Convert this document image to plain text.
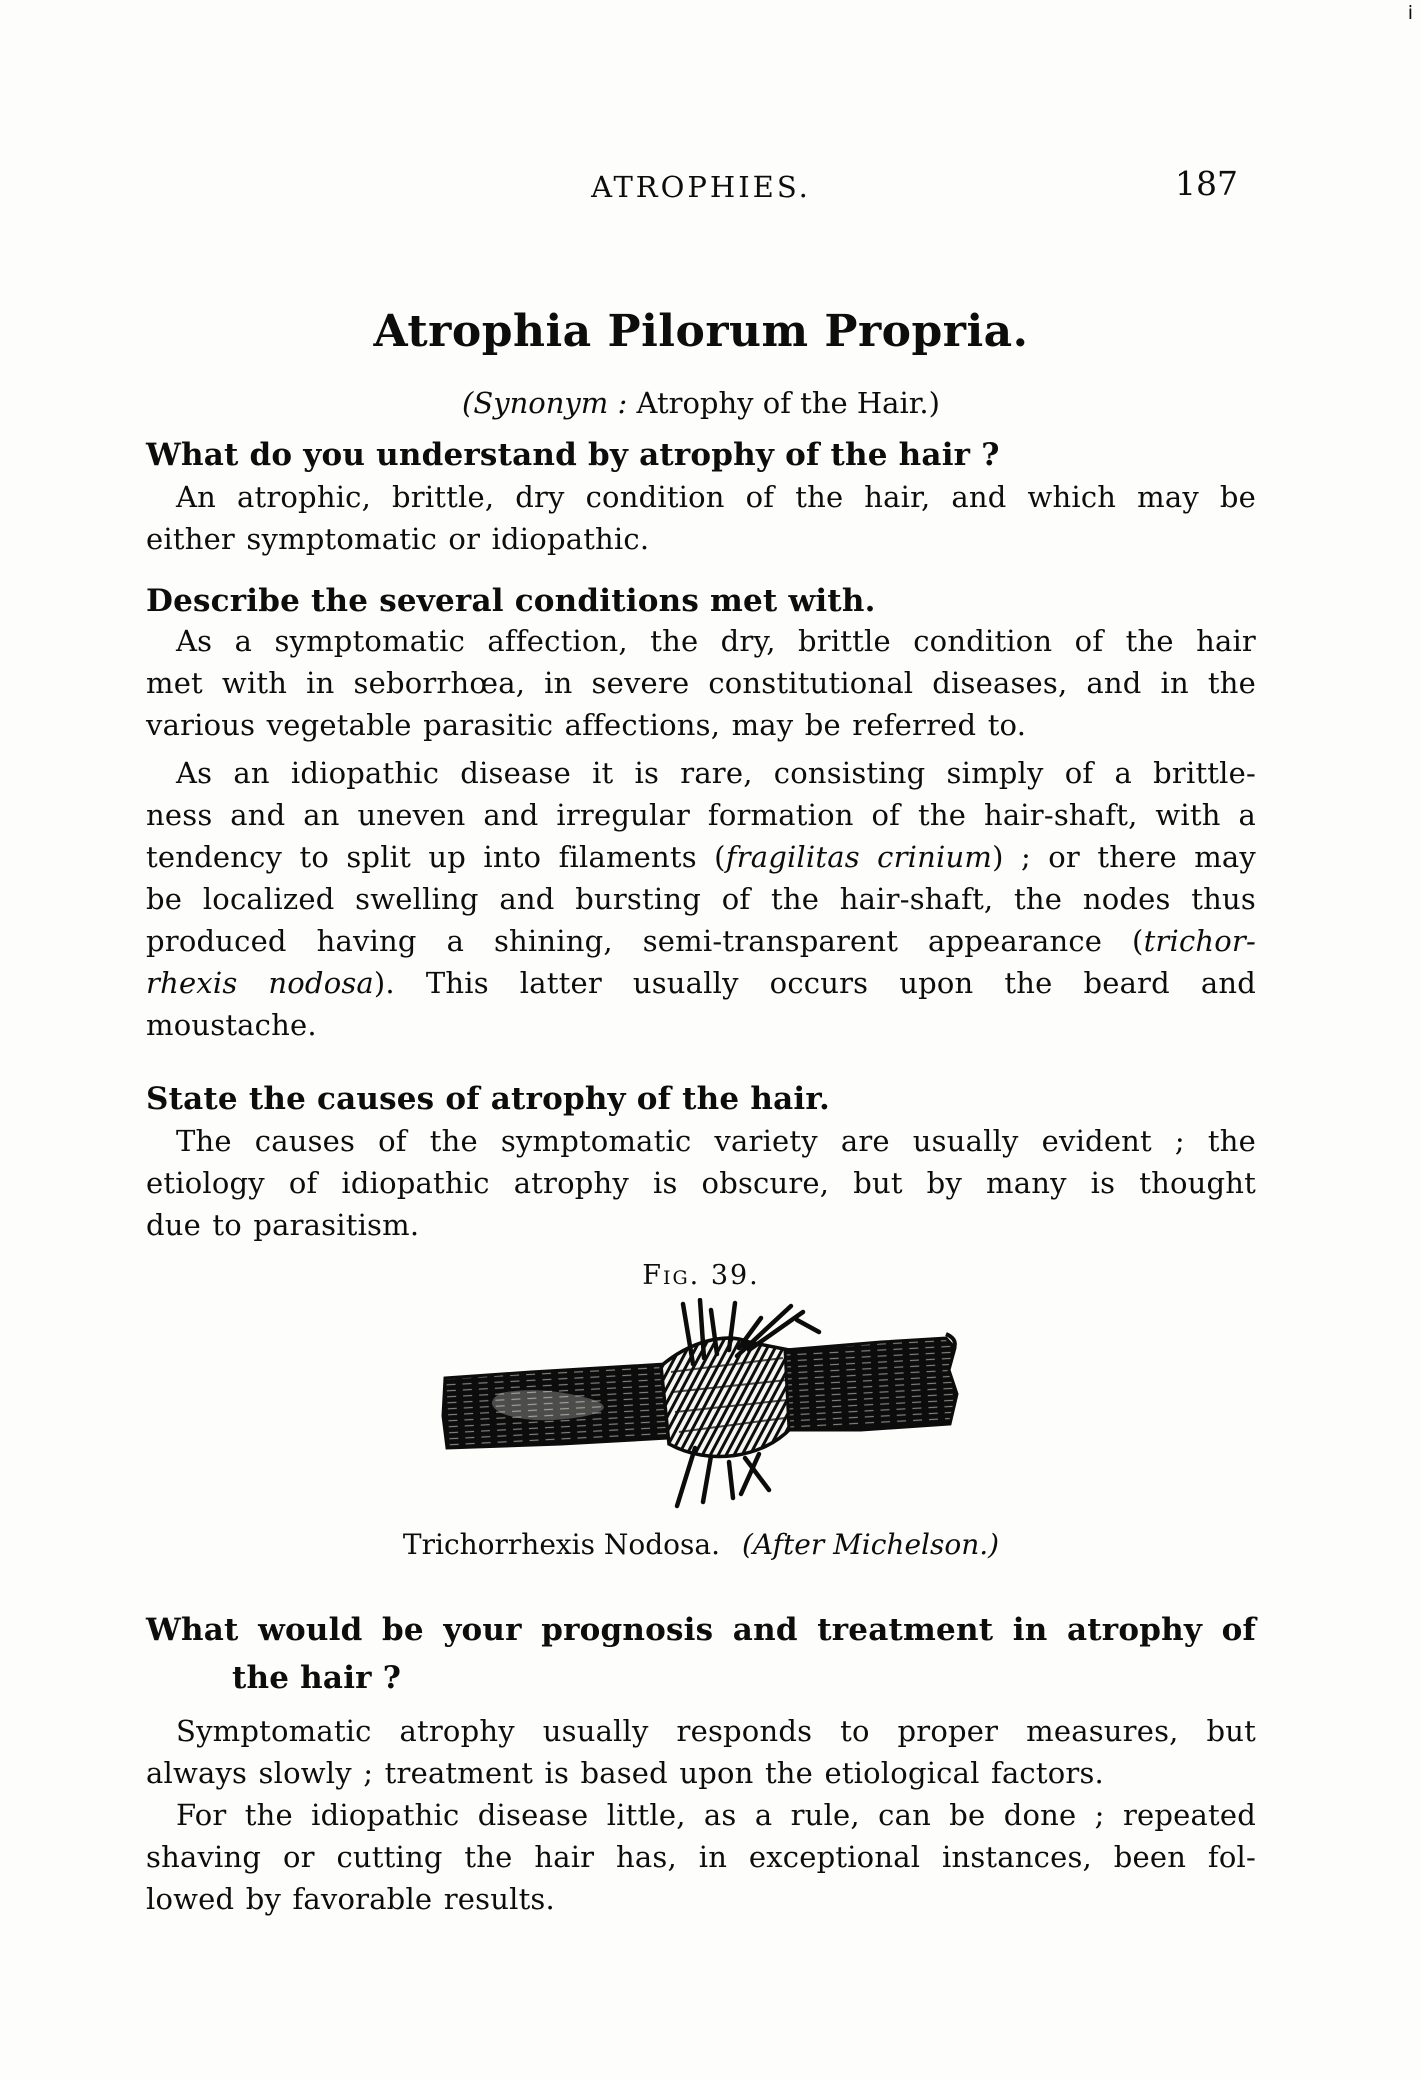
i
ATROPHIES.	187
Atrophia Pilorum Propria.
(Synonym : Atrophy of the Hair.)
What do you understand by atrophy of the hair ?
An atrophic, brittle, dry condition of the hair, and which may be
either symptomatic or idiopathic.
Describe the several conditions met with.
As a symptomatic affection, the dry, brittle condition of the hair
met with in seborrhœa, in severe constitutional diseases, and in the
various vegetable parasitic affections, may be referred to.
As an idiopathic disease it is rare, consisting simply of a brittle-
ness and an uneven and irregular formation of the hair-shaft, with a
tendency to split up into filaments (fragilitas crinium) ; or there may
be localized swelling and bursting of the hair-shaft, the nodes thus
produced having a shining, semi-transparent appearance (trichor-
rhexis nodosa). This latter usually occurs upon the beard and
moustache.
State the causes of atrophy of the hair.
The causes of the symptomatic variety are usually evident ; the
etiology of idiopathic atrophy is obscure, but by many is thought
due to parasitism.
Fig. 39.
Trichorrhexis Nodosa. (After Michelson.)
What would be your prognosis and treatment in atrophy of
the hair ?
Symptomatic atrophy usually responds to proper measures, but
always slowly ; treatment is based upon the etiological factors.
For the idiopathic disease little, as a rule, can be done ; repeated
shaving or cutting the hair has, in exceptional instances, been fol-
lowed by favorable results.
